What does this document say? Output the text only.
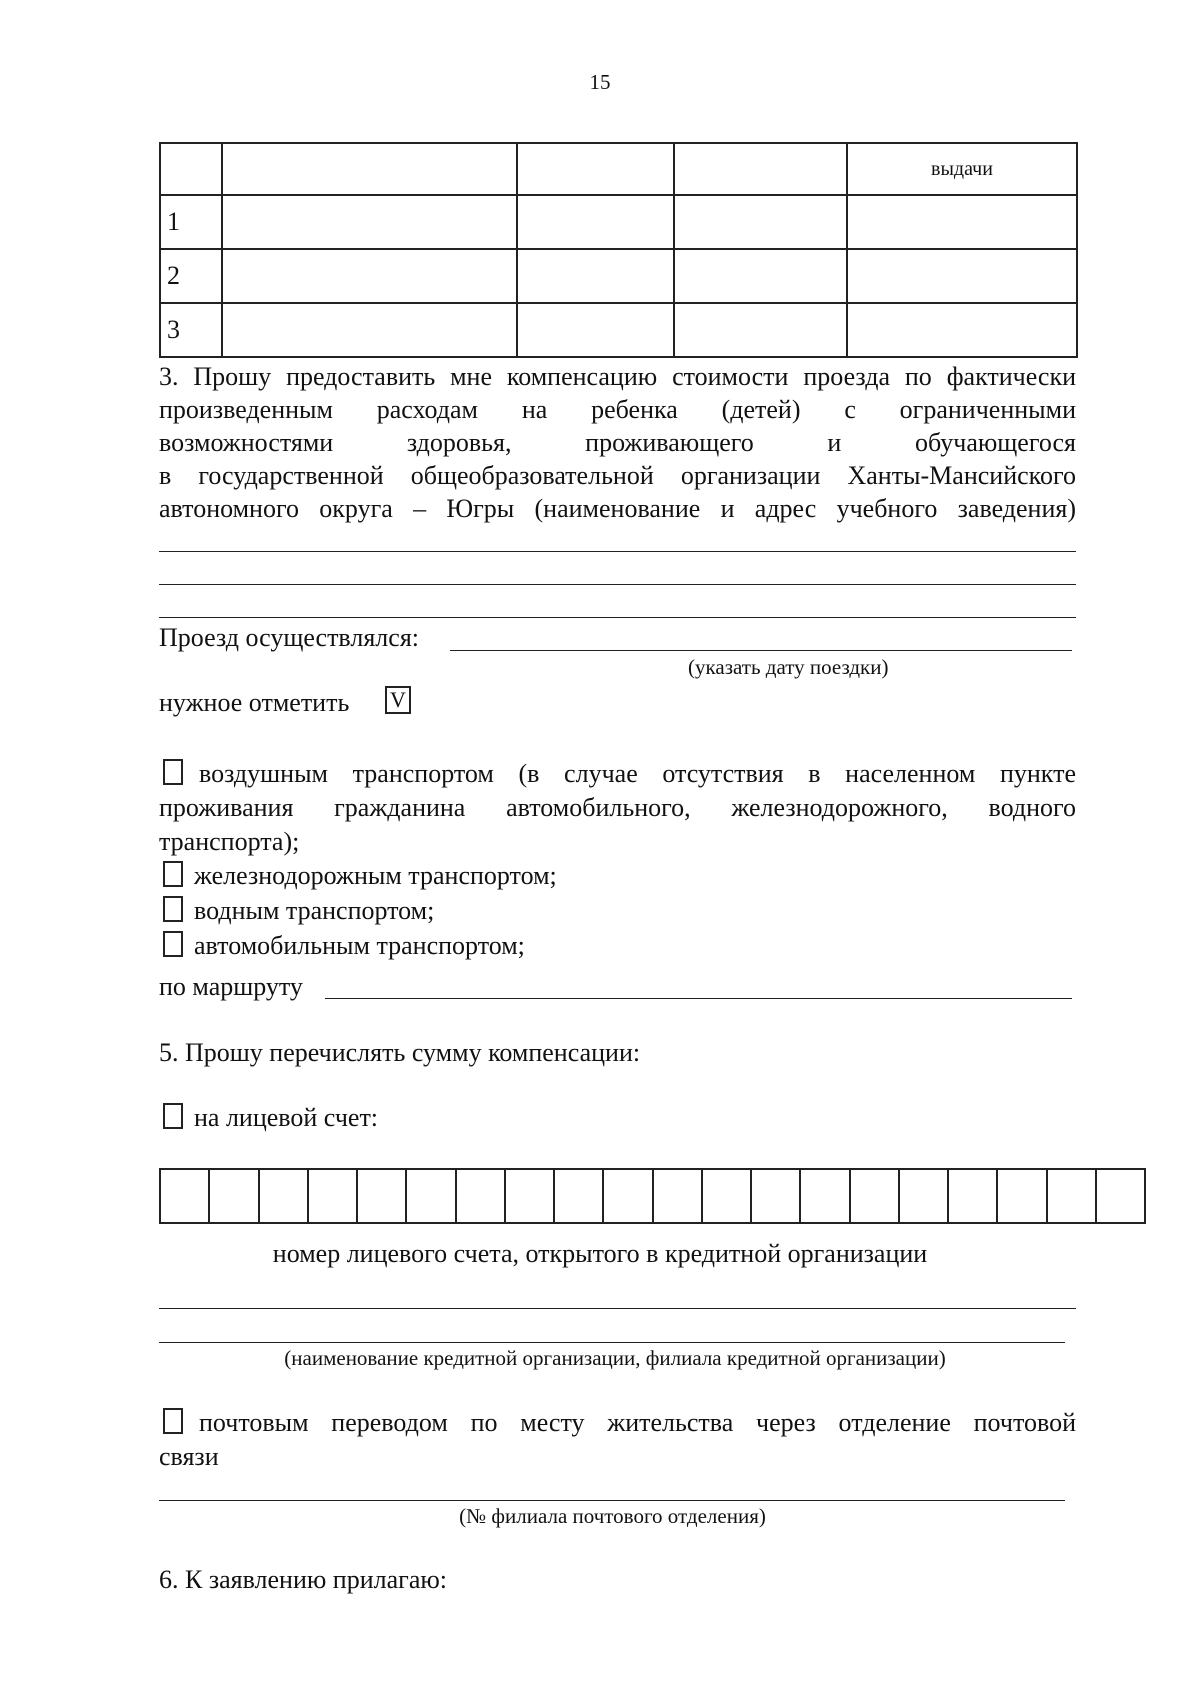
15
				выдачи
1				
2				
3				
3. Прошу предоставить мне компенсацию стоимости проезда по фактически
произведенным расходам на ребенка (детей) с ограниченными
возможностями здоровья, проживающего и обучающегося
в государственной общеобразовательной организации Ханты-Мансийского
автономного округа – Югры (наименование и адрес учебного заведения)
Проезд осуществлялся:
(указать дату поездки)
нужное отметить V
воздушным транспортом (в случае отсутствия в населенном пункте
проживания гражданина автомобильного, железнодорожного, водного
транспорта);
железнодорожным транспортом;
водным транспортом;
автомобильным транспортом;
по маршруту
5. Прошу перечислять сумму компенсации:
на лицевой счет:
номер лицевого счета, открытого в кредитной организации
(наименование кредитной организации, филиала кредитной организации)
почтовым переводом по месту жительства через отделение почтовой
связи
(№ филиала почтового отделения)
6. К заявлению прилагаю:
